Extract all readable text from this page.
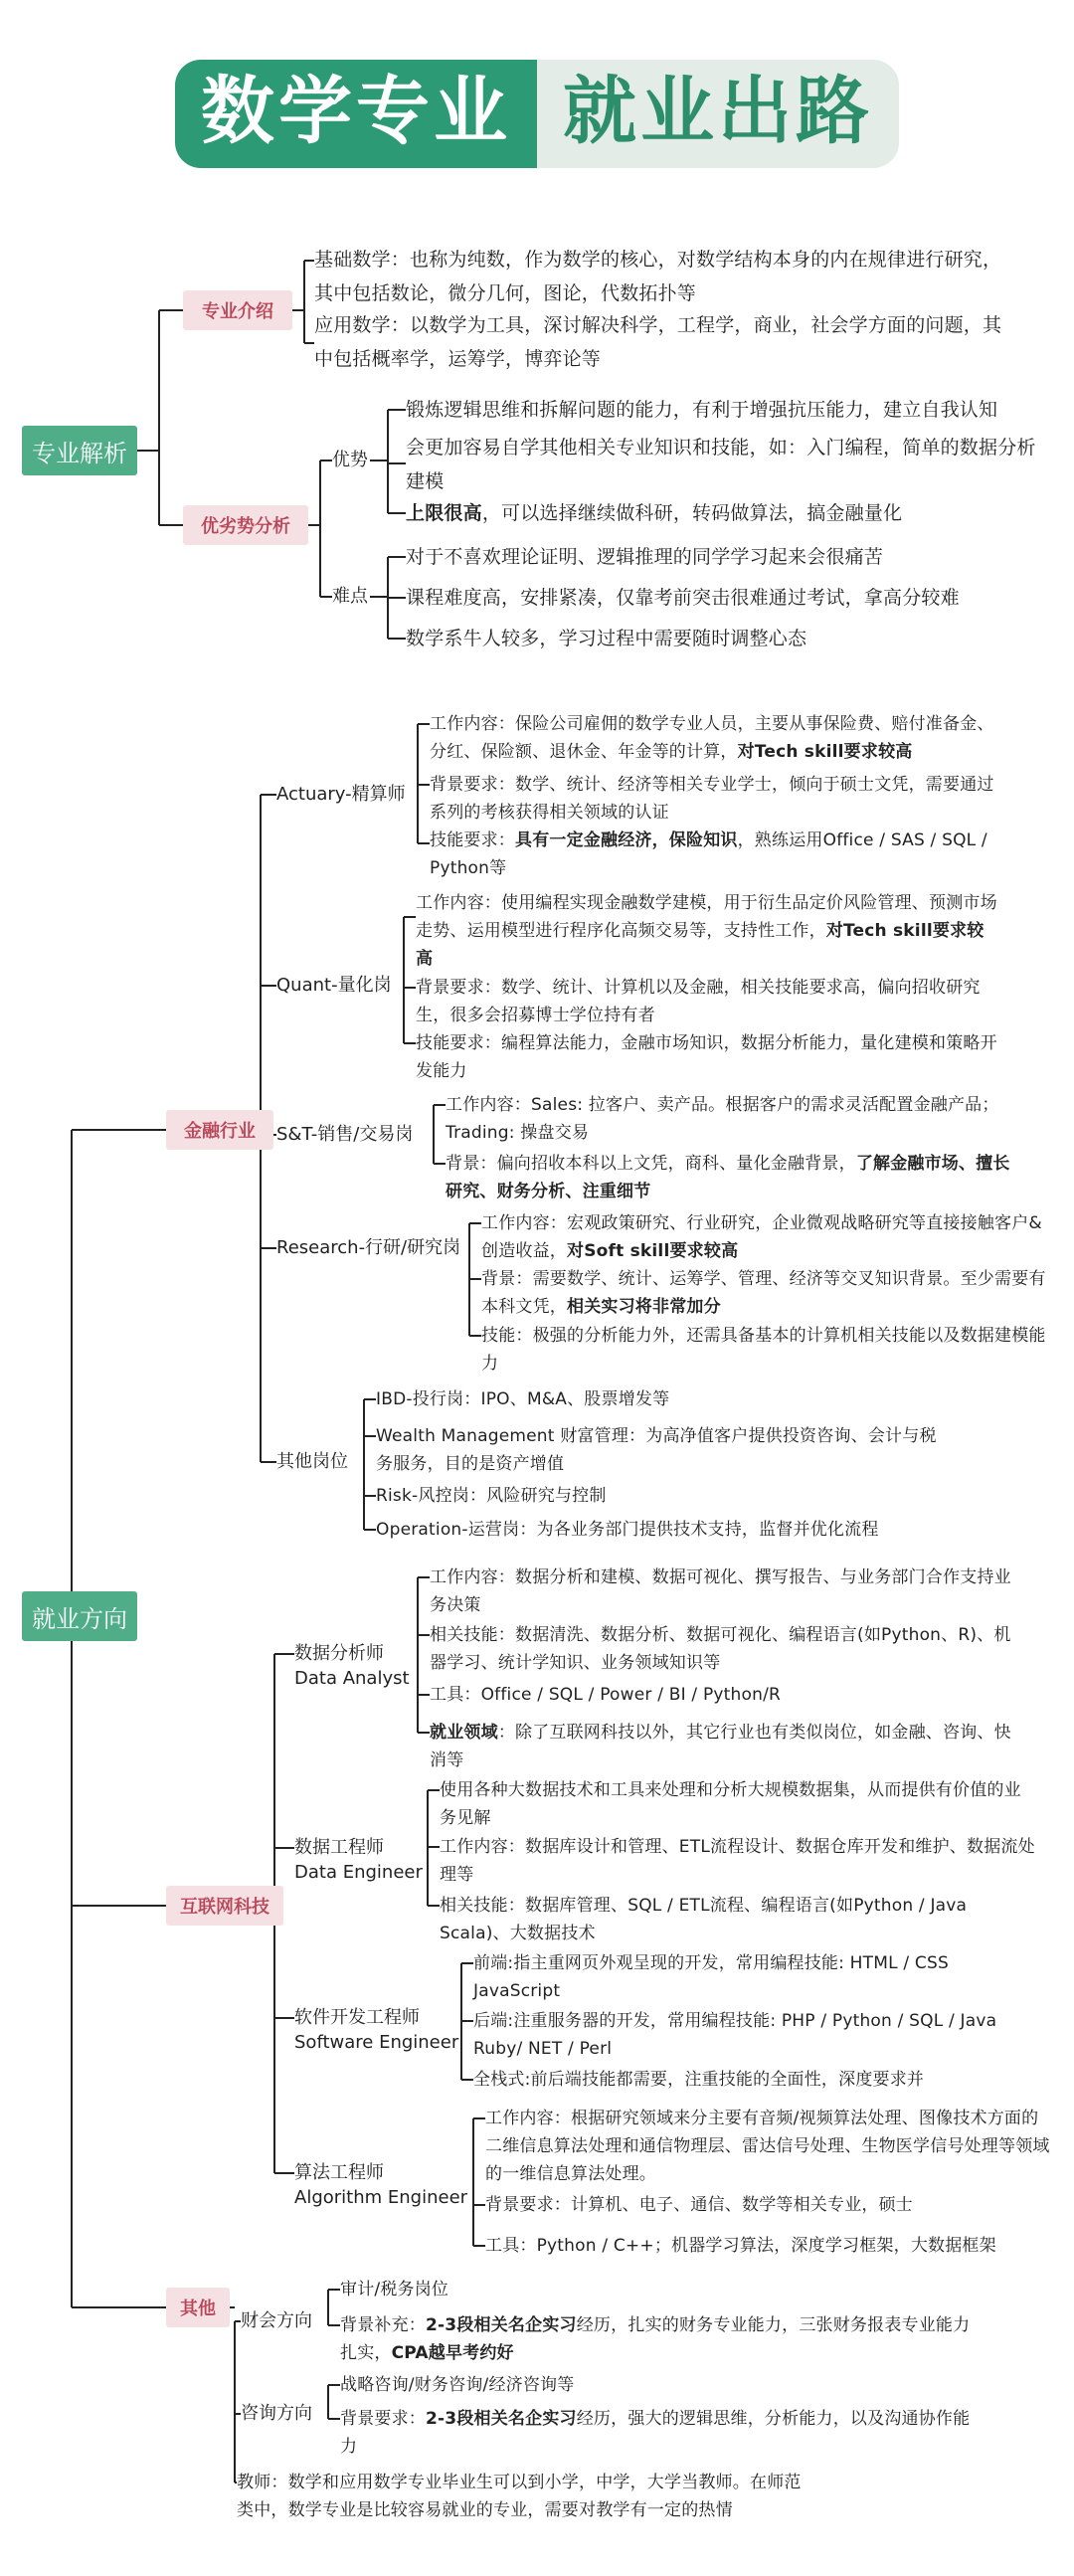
数学专业 就业出路
专业解析
就业方向
专业介绍
优劣势分析
金融行业
互联网科技
其他
优势
难点
Actuary-精算师
Quant-量化岗
S&T-销售/交易岗
Research-行研/研究岗
其他岗位
数据分析师
Data Analyst
数据工程师
Data Engineer
软件开发工程师
Software Engineer
算法工程师
Algorithm Engineer
财会方向
咨询方向
基础数学：也称为纯数，作为数学的核心，对数学结构本身的内在规律进行研究，其中包括数论，微分几何，图论，代数拓扑等
应用数学：以数学为工具，深讨解决科学，工程学，商业，社会学方面的问题，其中包括概率学，运筹学，博弈论等
锻炼逻辑思维和拆解问题的能力，有利于增强抗压能力，建立自我认知
会更加容易自学其他相关专业知识和技能，如：入门编程，简单的数据分析建模
上限很高，可以选择继续做科研，转码做算法，搞金融量化
对于不喜欢理论证明、逻辑推理的同学学习起来会很痛苦
课程难度高，安排紧凑，仅靠考前突击很难通过考试，拿高分较难
数学系牛人较多，学习过程中需要随时调整心态
工作内容：保险公司雇佣的数学专业人员，主要从事保险费、赔付准备金、分红、保险额、退休金、年金等的计算，对Tech skill要求较高
背景要求：数学、统计、经济等相关专业学士，倾向于硕士文凭，需要通过系列的考核获得相关领域的认证
技能要求：具有一定金融经济，保险知识，熟练运用Office / SAS / SQL / Python等
工作内容：使用编程实现金融数学建模，用于衍生品定价风险管理、预测市场走势、运用模型进行程序化高频交易等，支持性工作，对Tech skill要求较高
背景要求：数学、统计、计算机以及金融，相关技能要求高，偏向招收研究生，很多会招募博士学位持有者
技能要求：编程算法能力，金融市场知识，数据分析能力，量化建模和策略开发能力
工作内容：Sales: 拉客户、卖产品。根据客户的需求灵活配置金融产品；Trading: 操盘交易
背景：偏向招收本科以上文凭，商科、量化金融背景，了解金融市场、擅长研究、财务分析、注重细节
工作内容：宏观政策研究、行业研究，企业微观战略研究等直接接触客户&创造收益，对Soft skill要求较高
背景：需要数学、统计、运筹学、管理、经济等交叉知识背景。至少需要有本科文凭，相关实习将非常加分
技能：极强的分析能力外，还需具备基本的计算机相关技能以及数据建模能力
IBD-投行岗：IPO、M&A、股票增发等
Wealth Management 财富管理：为高净值客户提供投资咨询、会计与税务服务，目的是资产增值
Risk-风控岗：风险研究与控制
Operation-运营岗：为各业务部门提供技术支持，监督并优化流程
工作内容：数据分析和建模、数据可视化、撰写报告、与业务部门合作支持业务决策
相关技能：数据清洗、数据分析、数据可视化、编程语言(如Python、R)、机器学习、统计学知识、业务领域知识等
工具：Office / SQL / Power / BI / Python/R
就业领域：除了互联网科技以外，其它行业也有类似岗位，如金融、咨询、快消等
使用各种大数据技术和工具来处理和分析大规模数据集，从而提供有价值的业务见解
工作内容：数据库设计和管理、ETL流程设计、数据仓库开发和维护、数据流处理等
相关技能：数据库管理、SQL / ETL流程、编程语言(如Python / Java Scala)、大数据技术
前端:指主重网页外观呈现的开发，常用编程技能: HTML / CSS JavaScript
后端:注重服务器的开发，常用编程技能: PHP / Python / SQL / Java Ruby/ NET / Perl
全栈式:前后端技能都需要，注重技能的全面性，深度要求并
工作内容：根据研究领域来分主要有音频/视频算法处理、图像技术方面的二维信息算法处理和通信物理层、雷达信号处理、生物医学信号处理等领域的一维信息算法处理。
背景要求：计算机、电子、通信、数学等相关专业，硕士
工具：Python / C++；机器学习算法，深度学习框架，大数据框架
审计/税务岗位
背景补充：2-3段相关名企实习经历，扎实的财务专业能力，三张财务报表专业能力扎实，CPA越早考约好
战略咨询/财务咨询/经济咨询等
背景要求：2-3段相关名企实习经历，强大的逻辑思维，分析能力，以及沟通协作能力
教师：数学和应用数学专业毕业生可以到小学，中学，大学当教师。在师范类中，数学专业是比较容易就业的专业，需要对教学有一定的热情
